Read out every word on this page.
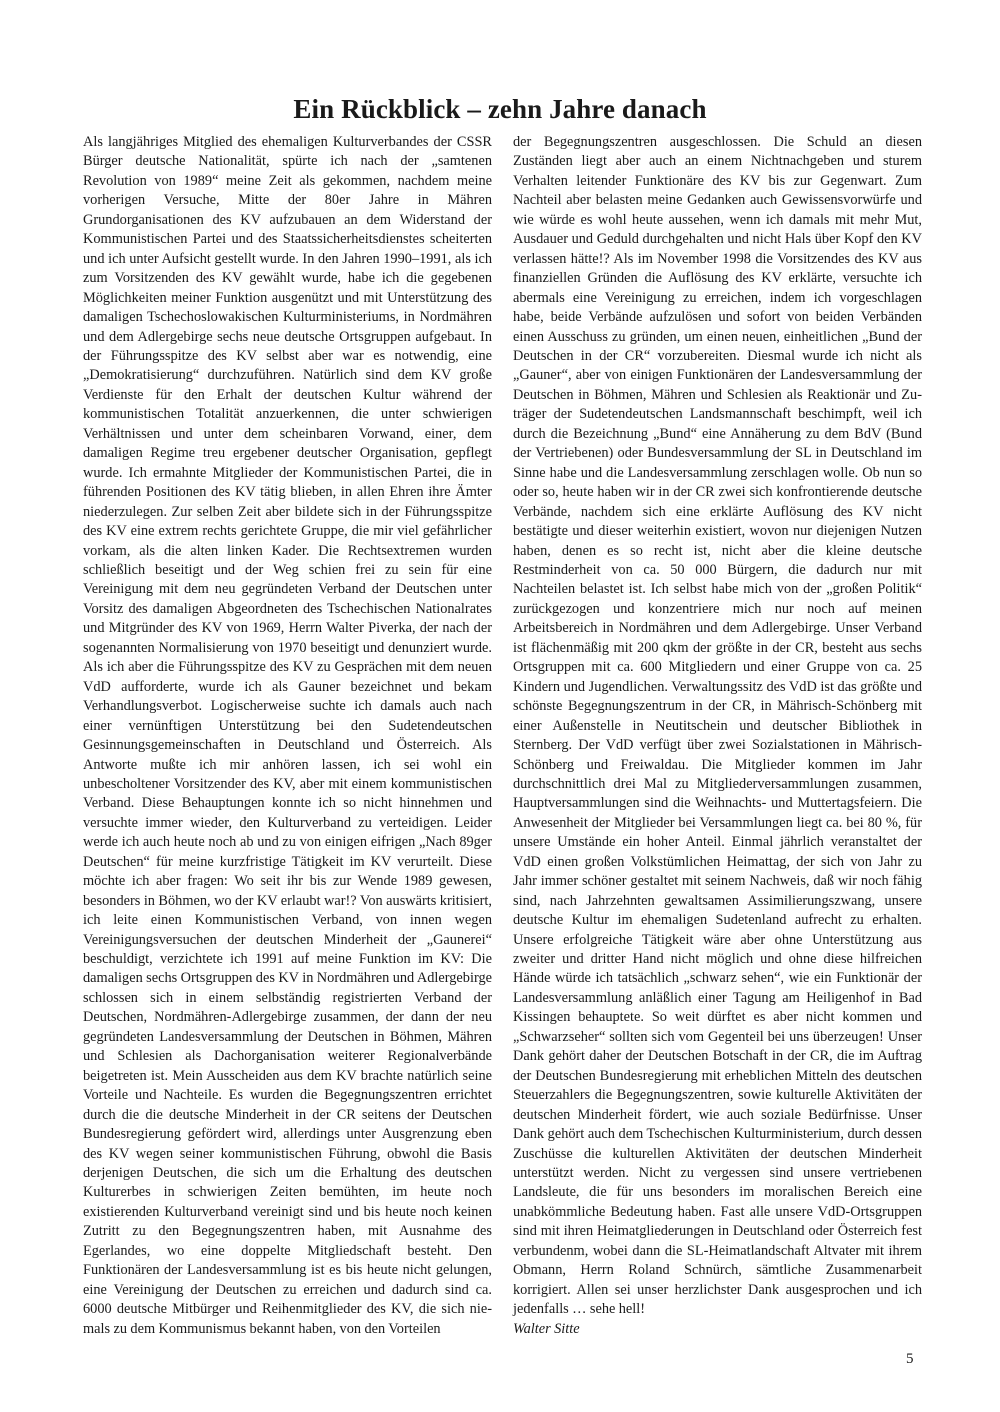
Ein Rückblick – zehn Jahre danach

Als langjähriges Mitglied des ehemaligen Kulturverbandes der CSSR Bürger deutsche Nationalität, spürte ich nach der „samtenen Revolution von 1989“ meine Zeit als gekommen, nachdem meine vorherigen Versuche, Mitte der 80er Jahre in Mähren Grundorganisationen des KV aufzubauen an dem Widerstand der Kommunistischen Partei und des Staatssicherheitsdienstes scheiterten und ich unter Aufsicht gestellt wurde. In den Jahren 1990–1991, als ich zum Vorsitzenden des KV gewählt wurde, habe ich die gegebenen Möglichkeiten meiner Funktion ausgenützt und mit Unterstützung des damaligen Tschechoslowakischen Kulturministeriums, in Nordmähren und dem Adlergebirge sechs neue deutsche Ortsgruppen aufgebaut. In der Führungsspitze des KV selbst aber war es notwendig, eine „Demokratisierung“ durchzuführen. Natürlich sind dem KV große Verdienste für den Erhalt der deutschen Kultur während der kommunistischen Totalität anzuerkennen, die unter schwierigen Verhältnissen und unter dem scheinbaren Vorwand, einer, dem damaligen Regime treu ergebener deutscher Organisation, gepflegt wurde. Ich ermahnte Mitglieder der Kommunistischen Partei, die in führenden Positionen des KV tätig blieben, in allen Ehren ihre Ämter niederzulegen. Zur selben Zeit aber bildete sich in der Führungsspitze des KV eine extrem rechts gerichtete Gruppe, die mir viel gefährlicher vorkam, als die alten linken Kader. Die Rechtsextremen wurden schließlich beseitigt und der Weg schien frei zu sein für eine Vereinigung mit dem neu gegründeten Verband der Deutschen unter Vorsitz des damaligen Abgeordneten des Tschechischen Nationalrates und Mitgründer des KV von 1969, Herrn Walter Piverka, der nach der sogenannten Normalisierung von 1970 beseitigt und denunziert wurde. Als ich aber die Führungsspitze des KV zu Gesprächen mit dem neuen VdD aufforderte, wurde ich als Gauner bezeichnet und bekam Verhandlungsverbot. Logischerweise suchte ich damals auch nach einer vernünftigen Unterstützung bei den Sudetendeutschen Gesinnungsgemeinschaften in Deutschland und Österreich. Als Antworte mußte ich mir anhören lassen, ich sei wohl ein unbescholtener Vorsitzender des KV, aber mit einem kommunistischen Verband. Diese Behauptungen konnte ich so nicht hinnehmen und versuchte immer wieder, den Kulturverband zu verteidigen. Leider werde ich auch heute noch ab und zu von einigen eifrigen „Nach 89ger Deutschen“ für meine kurzfristige Tätigkeit im KV verurteilt. Diese möchte ich aber fragen: Wo seit ihr bis zur Wende 1989 gewesen, besonders in Böhmen, wo der KV erlaubt war!? Von auswärts kritisiert, ich leite einen Kommunistischen Verband, von innen wegen Vereinigungsversuchen der deutschen Minderheit der „Gaunerei“ beschuldigt, verzichtete ich 1991 auf meine Funktion im KV: Die damaligen sechs Ortsgruppen des KV in Nordmähren und Adlergebirge schlossen sich in einem selbständig registrierten Verband der Deutschen, Nordmähren-Adlergebirge zusammen, der dann der neu gegründeten Landesversammlung der Deutschen in Böhmen, Mähren und Schlesien als Dachorganisation weiterer Regionalverbände beigetreten ist. Mein Ausscheiden aus dem KV brachte natürlich seine Vorteile und Nachteile. Es wurden die Begegnungszentren errichtet durch die die deutsche Minderheit in der CR seitens der Deutschen Bundesregierung gefördert wird, allerdings unter Ausgrenzung eben des KV wegen seiner kommunistischen Führung, obwohl die Basis derjenigen Deutschen, die sich um die Erhaltung des deutschen Kulturerbes in schwierigen Zeiten bemühten, im heute noch existierenden Kulturverband vereinigt sind und bis heute noch keinen Zutritt zu den Begegnungszentren haben, mit Ausnahme des Egerlandes, wo eine doppelte Mitgliedschaft besteht. Den Funktionären der Landesversammlung ist es bis heute nicht gelungen, eine Vereinigung der Deutschen zu erreichen und dadurch sind ca. 6000 deutsche Mitbürger und Reihenmitglieder des KV, die sich niemals zu dem Kommunismus bekannt haben, von den Vorteilen

der Begegnungszentren ausgeschlossen. Die Schuld an diesen Zuständen liegt aber auch an einem Nichtnachgeben und sturem Verhalten leitender Funktionäre des KV bis zur Gegenwart. Zum Nachteil aber belasten meine Gedanken auch Gewissensvorwürfe und wie würde es wohl heute aussehen, wenn ich damals mit mehr Mut, Ausdauer und Geduld durchgehalten und nicht Hals über Kopf den KV verlassen hätte!? Als im November 1998 die Vorsitzendes des KV aus finanziellen Gründen die Auflösung des KV erklärte, versuchte ich abermals eine Vereinigung zu erreichen, indem ich vorgeschlagen habe, beide Verbände aufzulösen und sofort von beiden Verbänden einen Ausschuss zu gründen, um einen neuen, einheitlichen „Bund der Deutschen in der CR“ vorzubereiten. Diesmal wurde ich nicht als „Gauner“, aber von einigen Funktionären der Landesversammlung der Deutschen in Böhmen, Mähren und Schlesien als Reaktionär und Zuträger der Sudetendeutschen Landsmannschaft beschimpft, weil ich durch die Bezeichnung „Bund“ eine Annäherung zu dem BdV (Bund der Vertriebenen) oder Bundesversammlung der SL in Deutschland im Sinne habe und die Landesversammlung zerschlagen wolle. Ob nun so oder so, heute haben wir in der CR zwei sich konfrontierende deutsche Verbände, nachdem sich eine erklärte Auflösung des KV nicht bestätigte und dieser weiterhin existiert, wovon nur diejenigen Nutzen haben, denen es so recht ist, nicht aber die kleine deutsche Restminderheit von ca. 50 000 Bürgern, die dadurch nur mit Nachteilen belastet ist. Ich selbst habe mich von der „großen Politik“ zurückgezogen und konzentriere mich nur noch auf meinen Arbeitsbereich in Nordmähren und dem Adlergebirge. Unser Verband ist flächenmäßig mit 200 qkm der größte in der CR, besteht aus sechs Ortsgruppen mit ca. 600 Mitgliedern und einer Gruppe von ca. 25 Kindern und Jugendlichen. Verwaltungssitz des VdD ist das größte und schönste Begegnungszentrum in der CR, in Mährisch-Schönberg mit einer Außenstelle in Neutitschein und deutscher Bibliothek in Sternberg. Der VdD verfügt über zwei Sozialstationen in Mährisch-Schönberg und Freiwaldau. Die Mitglieder kommen im Jahr durchschnittlich drei Mal zu Mitgliederversammlungen zusammen, Hauptversammlungen sind die Weihnachts- und Muttertagsfeiern. Die Anwesenheit der Mitglieder bei Versammlungen liegt ca. bei 80 %, für unsere Umstände ein hoher Anteil. Einmal jährlich veranstaltet der VdD einen großen Volkstümlichen Heimattag, der sich von Jahr zu Jahr immer schöner gestaltet mit seinem Nachweis, daß wir noch fähig sind, nach Jahrzehnten gewaltsamen Assimilierungszwang, unsere deutsche Kultur im ehemaligen Sudetenland aufrecht zu erhalten. Unsere erfolgreiche Tätigkeit wäre aber ohne Unterstützung aus zweiter und dritter Hand nicht möglich und ohne diese hilfreichen Hände würde ich tatsächlich „schwarz sehen“, wie ein Funktionär der Landesversammlung anläßlich einer Tagung am Heiligenhof in Bad Kissingen behauptete. So weit dürftet es aber nicht kommen und „Schwarzseher“ sollten sich vom Gegenteil bei uns überzeugen! Unser Dank gehört daher der Deutschen Botschaft in der CR, die im Auftrag der Deutschen Bundesregierung mit erheblichen Mitteln des deutschen Steuerzahlers die Begegnungszentren, sowie kulturelle Aktivitäten der deutschen Minderheit fördert, wie auch soziale Bedürfnisse. Unser Dank gehört auch dem Tschechischen Kulturministerium, durch dessen Zuschüsse die kulturellen Aktivitäten der deutschen Minderheit unterstützt werden. Nicht zu vergessen sind unsere vertriebenen Landsleute, die für uns besonders im moralischen Bereich eine unabkömmliche Bedeutung haben. Fast alle unsere VdD-Ortsgruppen sind mit ihren Heimatgliederungen in Deutschland oder Österreich fest verbundenm, wobei dann die SL-Heimatlandschaft Altvater mit ihrem Obmann, Herrn Roland Schnürch, sämtliche Zusammenarbeit korrigiert. Allen sei unser herzlichster Dank ausgesprochen und ich jedenfalls … sehe hell!

Walter Sitte

5
